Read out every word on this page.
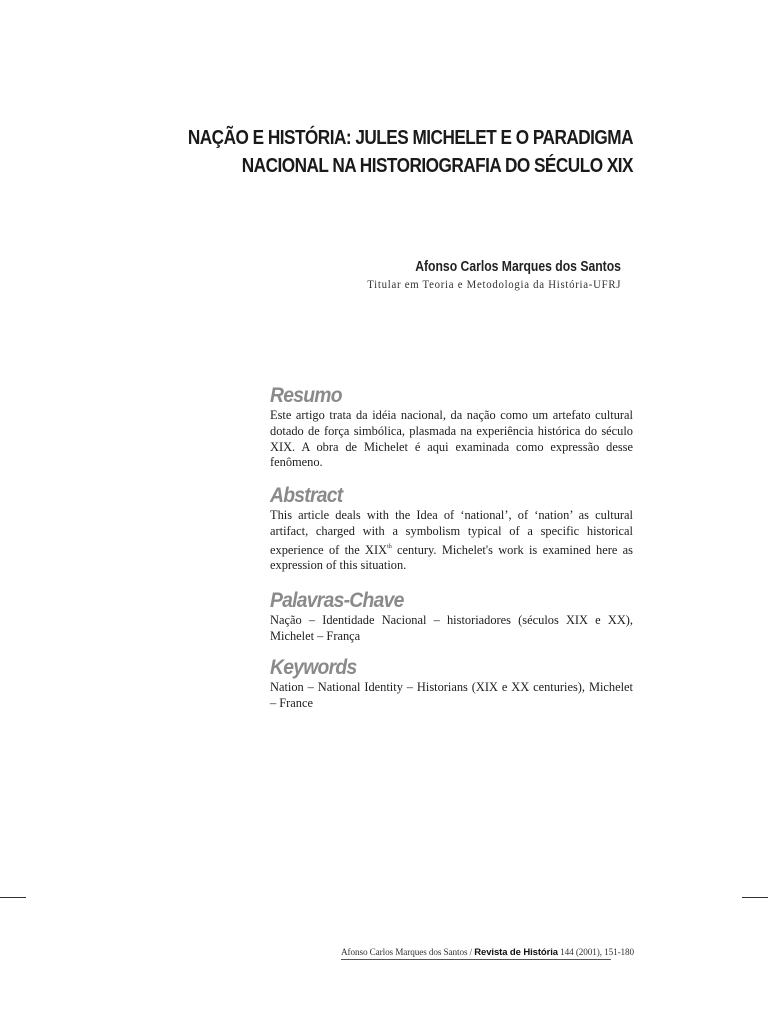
NAÇÃO E HISTÓRIA: JULES MICHELET E O PARADIGMA
NACIONAL NA HISTORIOGRAFIA DO SÉCULO XIX
Afonso Carlos Marques dos Santos
Titular em Teoria e Metodologia da História-UFRJ
Resumo
Este artigo trata da idéia nacional, da nação como um artefato cultural dotado de força simbólica, plasmada na experiência histórica do século XIX. A obra de Michelet é aqui examinada como expressão desse fenômeno.
Abstract
This article deals with the Idea of ‘national’, of ‘nation’ as cultural artifact, charged with a symbolism typical of a specific historical experience of the XIXth century. Michelet's work is examined here as expression of this situation.
Palavras-Chave
Nação – Identidade Nacional – historiadores (séculos XIX e XX), Michelet – França
Keywords
Nation – National Identity – Historians (XIX e XX centuries), Michelet – France
Afonso Carlos Marques dos Santos / Revista de História 144 (2001), 151-180
